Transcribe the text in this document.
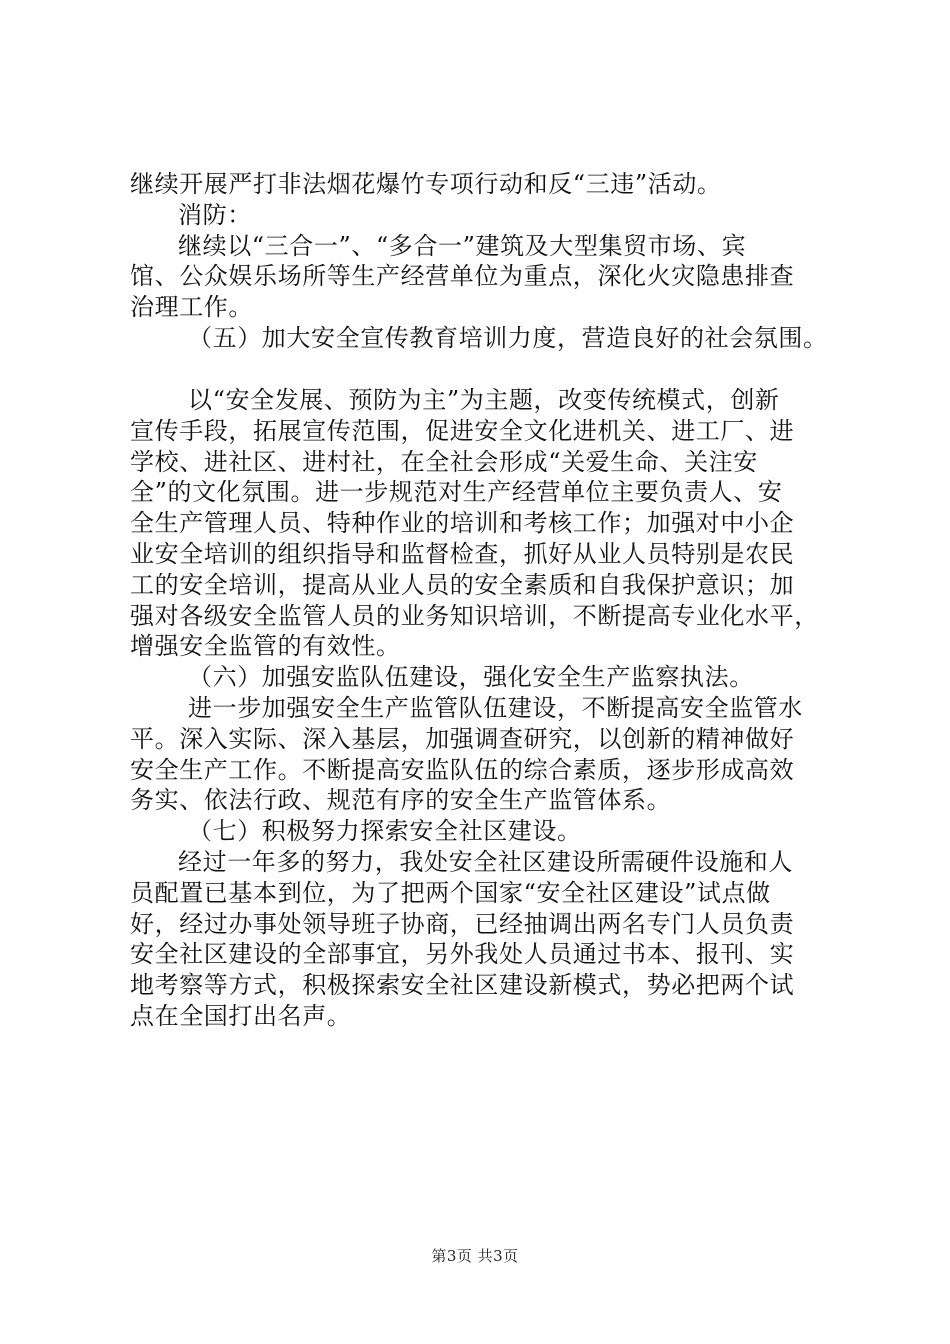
继续开展严打非法烟花爆竹专项行动和反“三违”活动。
消防：
继续以“三合一”、“多合一”建筑及大型集贸市场、宾
馆、公众娱乐场所等生产经营单位为重点，深化火灾隐患排查
治理工作。
（五）加大安全宣传教育培训力度，营造良好的社会氛围。
以“安全发展、预防为主”为主题，改变传统模式，创新
宣传手段，拓展宣传范围，促进安全文化进机关、进工厂、进
学校、进社区、进村社，在全社会形成“关爱生命、关注安
全”的文化氛围。进一步规范对生产经营单位主要负责人、安
全生产管理人员、特种作业的培训和考核工作；加强对中小企
业安全培训的组织指导和监督检查，抓好从业人员特别是农民
工的安全培训，提高从业人员的安全素质和自我保护意识；加
强对各级安全监管人员的业务知识培训，不断提高专业化水平，
增强安全监管的有效性。
（六）加强安监队伍建设，强化安全生产监察执法。
进一步加强安全生产监管队伍建设，不断提高安全监管水
平。深入实际、深入基层，加强调查研究，以创新的精神做好
安全生产工作。不断提高安监队伍的综合素质，逐步形成高效
务实、依法行政、规范有序的安全生产监管体系。
（七）积极努力探索安全社区建设。
经过一年多的努力，我处安全社区建设所需硬件设施和人
员配置已基本到位，为了把两个国家“安全社区建设”试点做
好，经过办事处领导班子协商，已经抽调出两名专门人员负责
安全社区建设的全部事宜，另外我处人员通过书本、报刊、实
地考察等方式，积极探索安全社区建设新模式，势必把两个试
点在全国打出名声。
第3页 共3页
